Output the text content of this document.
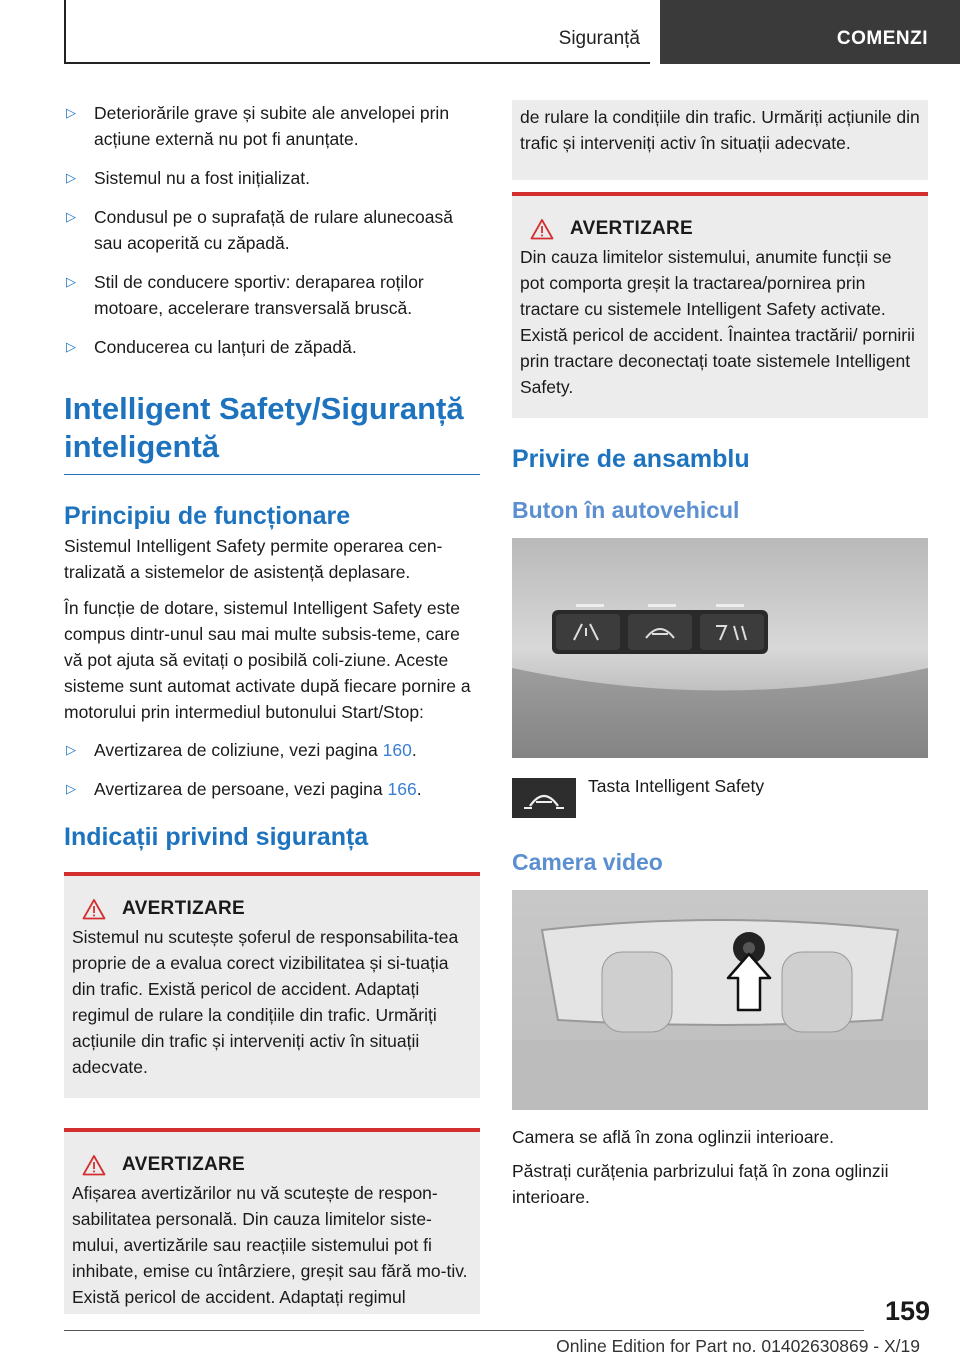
Siguranță	COMENZI
▷ Deteriorările grave și subite ale anvelopei prin acțiune externă nu pot fi anunțate.
▷ Sistemul nu a fost inițializat.
▷ Condusul pe o suprafață de rulare alunecoasă sau acoperită cu zăpadă.
▷ Stil de conducere sportiv: deraparea roților motoare, accelerare transversală bruscă.
▷ Conducerea cu lanțuri de zăpadă.
Intelligent Safety/Siguranță inteligentă
Principiu de funcționare

Sistemul Intelligent Safety permite operarea cen-tralizată a sistemelor de asistență deplasare.

În funcție de dotare, sistemul Intelligent Safety este compus dintr-unul sau mai multe subsis-teme, care vă pot ajuta să evitați o posibilă coli-ziune. Aceste sisteme sunt automat activate după fiecare pornire a motorului prin intermediul butonului Start/Stop:

▷ Avertizarea de coliziune, vezi pagina 160.
▷ Avertizarea de persoane, vezi pagina 166.
Indicații privind siguranța
AVERTIZARE

Sistemul nu scutește șoferul de responsabilita-tea proprie de a evalua corect vizibilitatea și si-tuația din trafic. Există pericol de accident. Adaptați regimul de rulare la condițiile din trafic. Urmăriți acțiunile din trafic și interveniți activ în situații adecvate.

AVERTIZARE

Afișarea avertizărilor nu vă scutește de respon-sabilitatea personală. Din cauza limitelor siste-mului, avertizările sau reacțiile sistemului pot fi inhibate, emise cu întârziere, greșit sau fără mo-tiv. Există pericol de accident. Adaptați regimul

de rulare la condițiile din trafic. Urmăriți acțiunile din trafic și interveniți activ în situații adecvate.

AVERTIZARE

Din cauza limitelor sistemului, anumite funcții se pot comporta greșit la tractarea/pornirea prin tractare cu sistemele Intelligent Safety activate. Există pericol de accident. Înaintea tractării/ pornirii prin tractare deconectați toate sistemele Intelligent Safety.

Privire de ansamblu
Buton în autovehicul
Tasta Intelligent Safety
Camera video

Camera se află în zona oglinzii interioare.

Păstrați curățenia parbrizului față în zona oglinzii interioare.

159
Online Edition for Part no. 01402630869 - X/19
